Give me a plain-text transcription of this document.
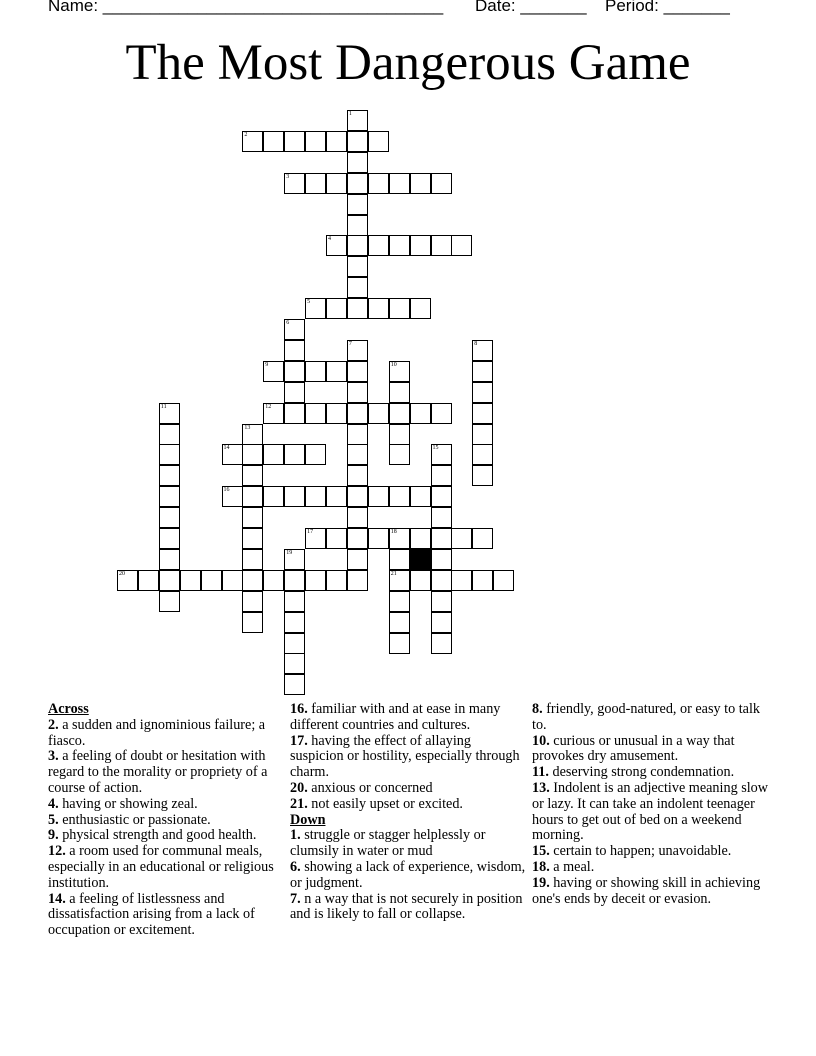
Name: ____________________________________ Date: _______ Period: _______
The Most Dangerous Game
1
2
3
4
5
6
7	8
9	10
11	12
13
14	15
16
17	18
19
20	21
Across
2. a sudden and ignominious failure; a fiasco.
3. a feeling of doubt or hesitation with regard to the morality or propriety of a course of action.
4. having or showing zeal.
5. enthusiastic or passionate.
9. physical strength and good health.
12. a room used for communal meals, especially in an educational or religious institution.
14. a feeling of listlessness and dissatisfaction arising from a lack of occupation or excitement.
16. familiar with and at ease in many different countries and cultures.
17. having the effect of allaying suspicion or hostility, especially through charm.
20. anxious or concerned
21. not easily upset or excited.
Down
1. struggle or stagger helplessly or clumsily in water or mud
6. showing a lack of experience, wisdom, or judgment.
7. n a way that is not securely in position and is likely to fall or collapse.
8. friendly, good-natured, or easy to talk to.
10. curious or unusual in a way that provokes dry amusement.
11. deserving strong condemnation.
13. Indolent is an adjective meaning slow or lazy. It can take an indolent teenager hours to get out of bed on a weekend morning.
15. certain to happen; unavoidable.
18. a meal.
19. having or showing skill in achieving one's ends by deceit or evasion.
